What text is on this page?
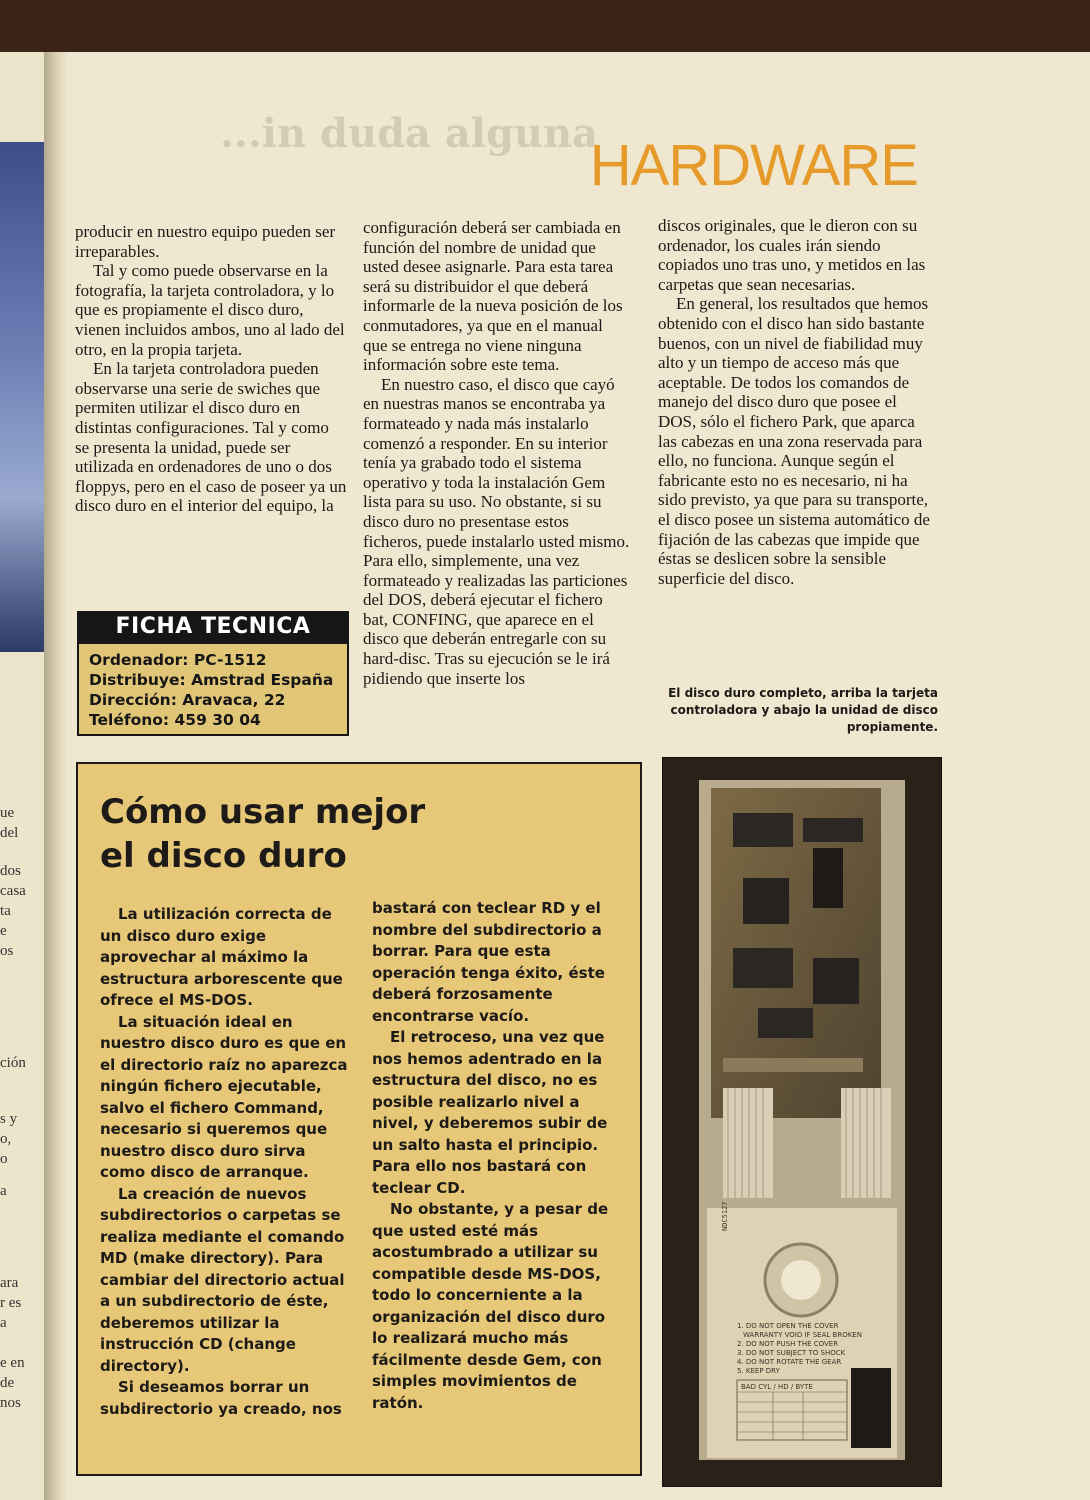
ue
del
dos
casa
ta
e
os
ción
s y
o,
o
a
ara
r es
a
e en
de
nos
...in duda alguna
HARDWARE

producir en nuestro equipo pueden ser irreparables.

Tal y como puede observarse en la fotografía, la tarjeta controladora, y lo que es propiamente el disco duro, vienen incluidos ambos, uno al lado del otro, en la propia tarjeta.

En la tarjeta controladora pueden observarse una serie de swiches que permiten utilizar el disco duro en distintas configuraciones. Tal y como se presenta la unidad, puede ser utilizada en ordenadores de uno o dos floppys, pero en el caso de poseer ya un disco duro en el interior del equipo, la

configuración deberá ser cambiada en función del nombre de unidad que usted desee asignarle. Para esta tarea será su distribuidor el que deberá informarle de la nueva posición de los conmutadores, ya que en el manual que se entrega no viene ninguna información sobre este tema.

En nuestro caso, el disco que cayó en nuestras manos se encontraba ya formateado y nada más instalarlo comenzó a responder. En su interior tenía ya grabado todo el sistema operativo y toda la instalación Gem lista para su uso. No obstante, si su disco duro no presentase estos ficheros, puede instalarlo usted mismo. Para ello, simplemente, una vez formateado y realizadas las particiones del DOS, deberá ejecutar el fichero bat, CONFING, que aparece en el disco que deberán entregarle con su hard-disc. Tras su ejecución se le irá pidiendo que inserte los

discos originales, que le dieron con su ordenador, los cuales irán siendo copiados uno tras uno, y metidos en las carpetas que sean necesarias.

En general, los resultados que hemos obtenido con el disco han sido bastante buenos, con un nivel de fiabilidad muy alto y un tiempo de acceso más que aceptable. De todos los comandos de manejo del disco duro que posee el DOS, sólo el fichero Park, que aparca las cabezas en una zona reservada para ello, no funciona. Aunque según el fabricante esto no es necesario, ni ha sido previsto, ya que para su transporte, el disco posee un sistema automático de fijación de las cabezas que impide que éstas se deslicen sobre la sensible superficie del disco.

FICHA TECNICA
Ordenador: PC-1512
Distribuye: Amstrad España
Dirección: Aravaca, 22
Teléfono: 459 30 04
El disco duro completo, arriba la tarjeta controladora y abajo la unidad de disco propiamente.
Cómo usar mejor
el disco duro

La utilización correcta de un disco duro exige aprovechar al máximo la estructura arborescente que ofrece el MS-DOS.

La situación ideal en nuestro disco duro es que en el directorio raíz no aparezca ningún fichero ejecutable, salvo el fichero Command, necesario si queremos que nuestro disco duro sirva como disco de arranque.

La creación de nuevos subdirectorios o carpetas se realiza mediante el comando MD (make directory). Para cambiar del directorio actual a un subdirectorio de éste, deberemos utilizar la instrucción CD (change directory).

Si deseamos borrar un subdirectorio ya creado, nos

bastará con teclear RD y el nombre del subdirectorio a borrar. Para que esta operación tenga éxito, éste deberá forzosamente encontrarse vacío.

El retroceso, una vez que nos hemos adentrado en la estructura del disco, no es posible realizarlo nivel a nivel, y deberemos subir de un salto hasta el principio. Para ello nos bastará con teclear CD.

No obstante, y a pesar de que usted esté más acostumbrado a utilizar su compatible desde MS-DOS, todo lo concerniente a la organización del disco duro lo realizará mucho más fácilmente desde Gem, con simples movimientos de ratón.

NDC5127
1. DO NOT OPEN THE COVER
WARRANTY VOID IF SEAL BROKEN
2. DO NOT PUSH THE COVER
3. DO NOT SUBJECT TO SHOCK
4. DO NOT ROTATE THE GEAR
5. KEEP DRY
BAD CYL / HD / BYTE
